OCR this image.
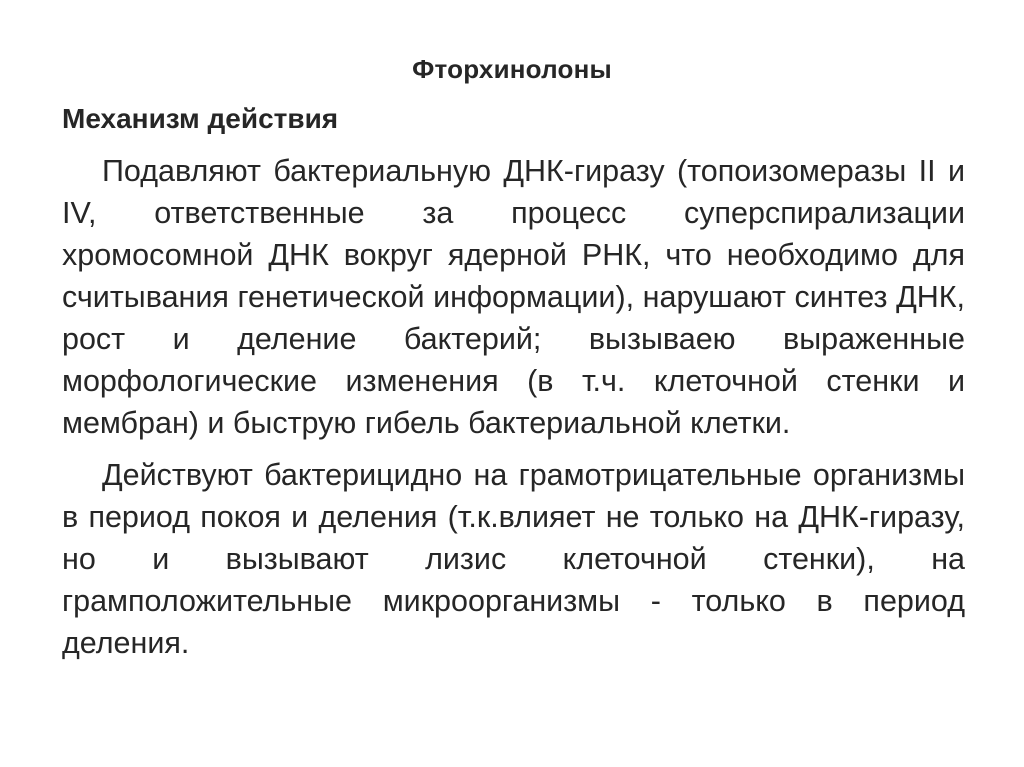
Фторхинолоны
Механизм действия

Подавляют бактериальную ДНК-гиразу (топоизомеразы II и IV, ответственные за процесс суперспирализации хромосомной ДНК вокруг ядерной РНК, что необходимо для считывания генетической информации), нарушают синтез ДНК, рост и деление бактерий; вызываею выраженные морфологические изменения (в т.ч. клеточной стенки и мембран) и быструю гибель бактериальной клетки.

Действуют бактерицидно на грамотрицательные организмы в период покоя и деления (т.к.влияет не только на ДНК-гиразу, но и вызывают лизис клеточной стенки), на грамположительные микроорганизмы - только в период деления.
